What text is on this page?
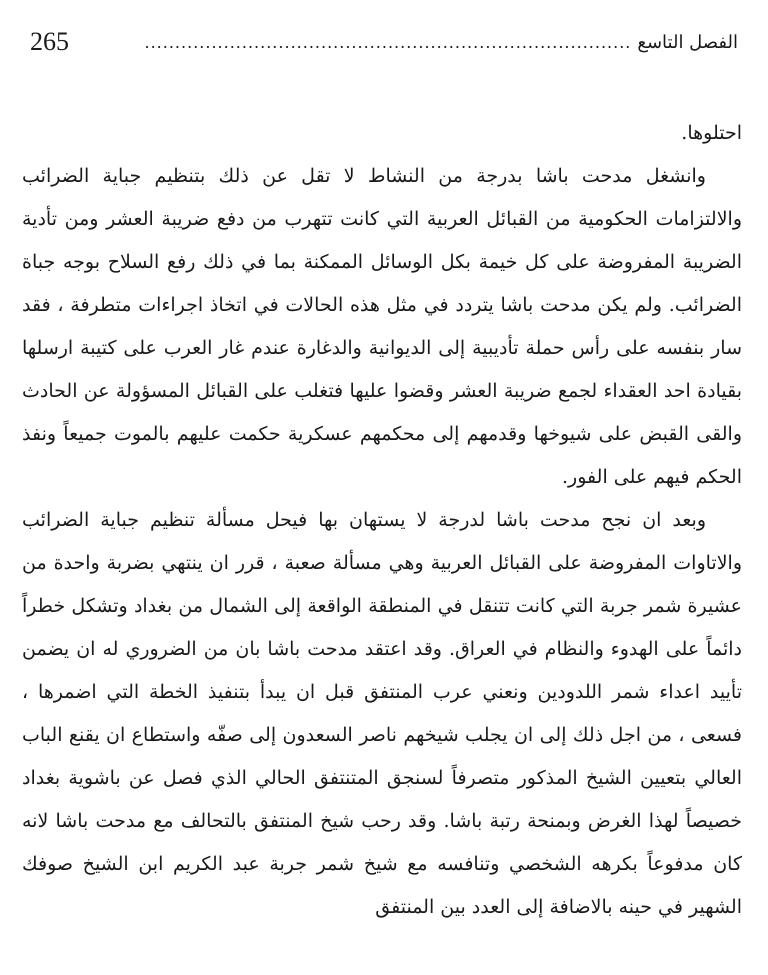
الفصل التاسع
................................................................................
265

احتلوها.

وانشغل مدحت باشا بدرجة من النشاط لا تقل عن ذلك بتنظيم جباية الضرائب والالتزامات الحكومية من القبائل العربية التي كانت تتهرب من دفع ضريبة العشر ومن تأدية الضريبة المفروضة على كل خيمة بكل الوسائل الممكنة بما في ذلك رفع السلاح بوجه جباة الضرائب. ولم يكن مدحت باشا يتردد في مثل هذه الحالات في اتخاذ اجراءات متطرفة ، فقد سار بنفسه على رأس حملة تأديبية إلى الديوانية والدغارة عندم غار العرب على كتيبة ارسلها بقيادة احد العقداء لجمع ضريبة العشر وقضوا عليها فتغلب على القبائل المسؤولة عن الحادث والقى القبض على شيوخها وقدمهم إلى محكمهم عسكرية حكمت عليهم بالموت جميعاً ونفذ الحكم فيهم على الفور.

وبعد ان نجح مدحت باشا لدرجة لا يستهان بها فيحل مسألة تنظيم جباية الضرائب والاتاوات المفروضة على القبائل العربية وهي مسألة صعبة ، قرر ان ينتهي بضربة واحدة من عشيرة شمر جربة التي كانت تتنقل في المنطقة الواقعة إلى الشمال من بغداد وتشكل خطراً دائماً على الهدوء والنظام في العراق. وقد اعتقد مدحت باشا بان من الضروري له ان يضمن تأييد اعداء شمر اللدودين ونعني عرب المنتفق قبل ان يبدأ بتنفيذ الخطة التي اضمرها ، فسعى ، من اجل ذلك إلى ان يجلب شيخهم ناصر السعدون إلى صفّه واستطاع ان يقنع الباب العالي بتعيين الشيخ المذكور متصرفاً لسنجق المتنتفق الحالي الذي فصل عن باشوية بغداد خصيصاً لهذا الغرض وبمنحة رتبة باشا. وقد رحب شيخ المنتفق بالتحالف مع مدحت باشا لانه كان مدفوعاً بكرهه الشخصي وتنافسه مع شيخ شمر جربة عبد الكريم ابن الشيخ صوفك الشهير في حينه بالاضافة إلى العدد بين المنتفق
